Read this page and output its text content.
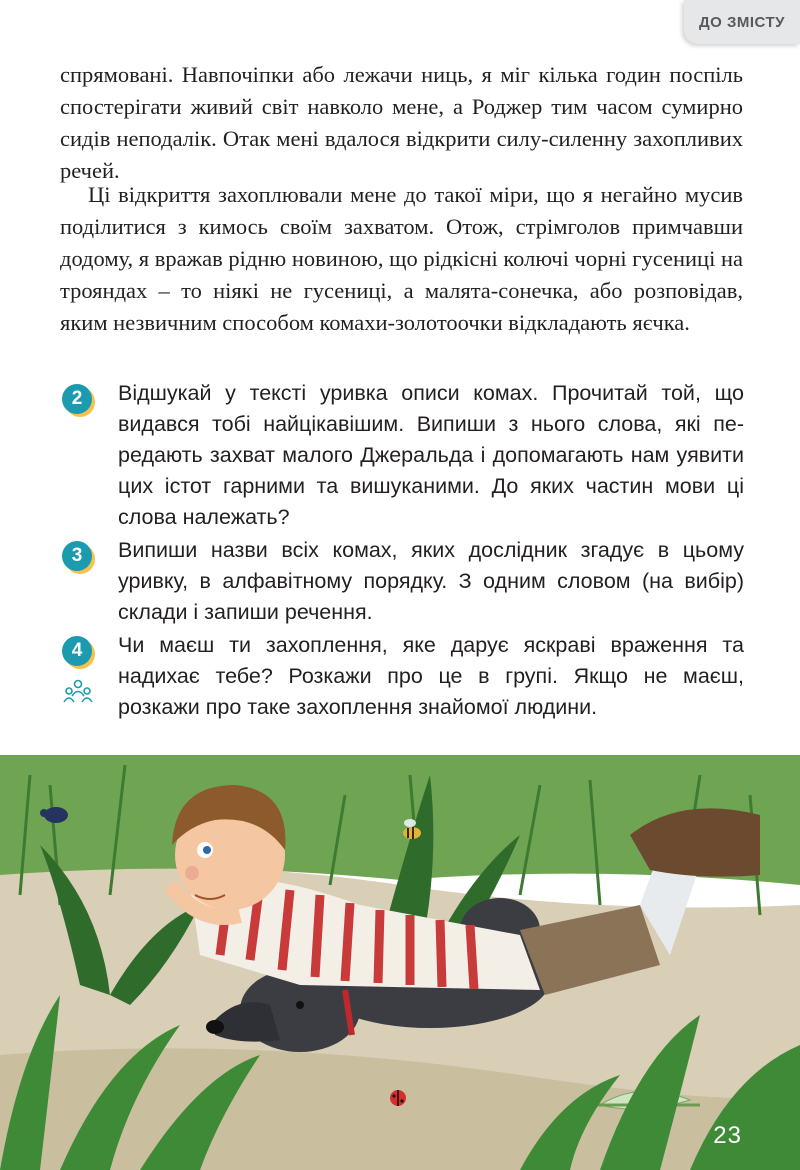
ДО ЗМІСТУ

спрямовані. Навпочіпки або лежачи ниць, я міг кілька годин поспіль спостерігати живий світ навколо мене, а Роджер тим часом сумирно сидів неподалік. Отак мені вдалося відкрити силу-силенну захопливих речей.

Ці відкриття захоплювали мене до такої міри, що я негайно мусив поділитися з кимось своїм захватом. Отож, стрімголов примчавши додому, я вражав рідню новиною, що рідкісні колючі чорні гусениці на трояндах – то ніякі не гусениці, а малята-сонечка, або розповідав, яким незвичним способом комахи-золотоочки відкладають яєчка.

2	Відшукай у тексті уривка описи комах. Прочитай той, що видався тобі найцікавішим. Випиши з нього слова, які передають захват малого Джеральда і допомагають нам уявити цих істот гарними та вишуканими. До яких частин мови ці слова належать?

3	Випиши назви всіх комах, яких дослідник згадує в цьому уривку, в алфавітному порядку. З одним словом (на вибір) склади і запиши речення.

4	Чи маєш ти захоплення, яке дарує яскраві враження та надихає тебе? Розкажи про це в групі. Якщо не маєш, розкажи про таке захоплення знайомої людини.

23
